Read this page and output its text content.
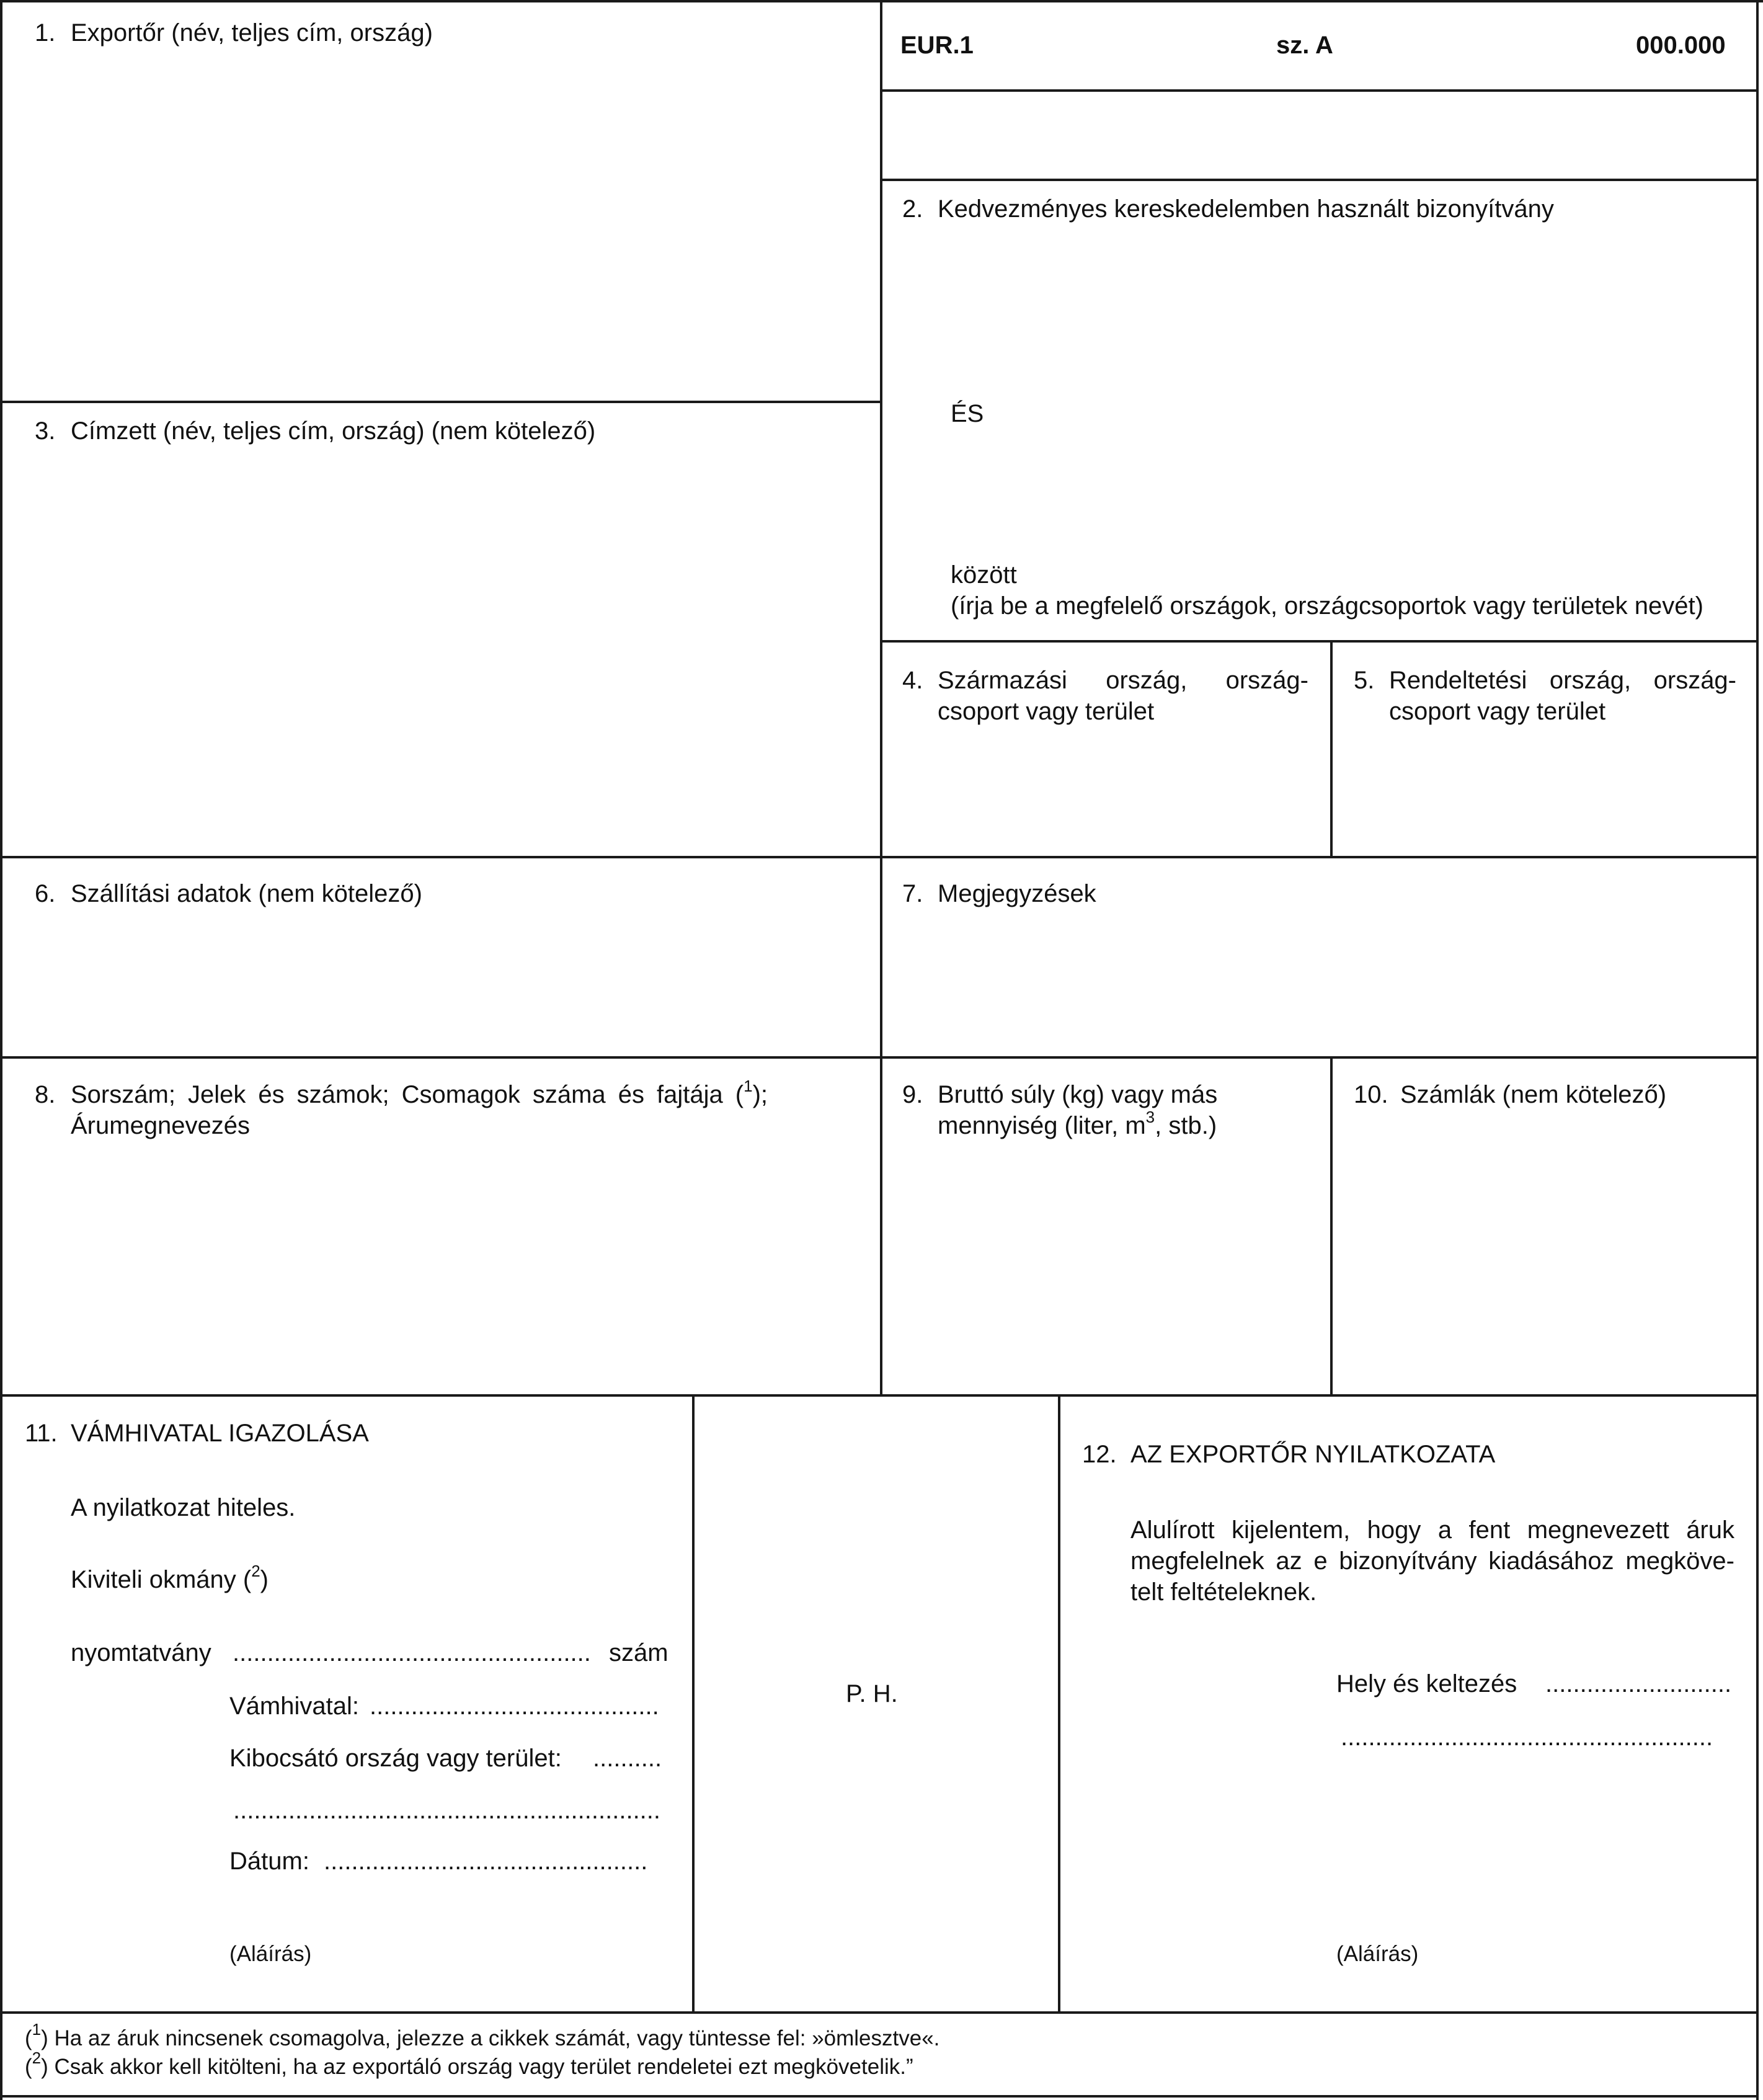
1. Exportőr (név, teljes cím, ország)	EUR.1	sz. A	000.000
2. Kedvezményes kereskedelemben használt bizonyítvány
ÉS
között
(írja be a megfelelő országok, országcsoportok vagy területek nevét)
3. Címzett (név, teljes cím, ország) (nem kötelező)
4. Származási ország, ország-
csoport vagy terület
5. Rendeltetési ország, ország-
csoport vagy terület
6. Szállítási adatok (nem kötelező)	7. Megjegyzések
8. Sorszám; Jelek és számok; Csomagok száma és fajtája ($^1$);
Árumegnevezés
9. Bruttó súly (kg) vagy más
mennyiség (liter, $m^3$, stb.)
10. Számlák (nem kötelező)
11. VÁMHIVATAL IGAZOLÁSA
A nyilatkozat hiteles.
Kiviteli okmány ($^2$)
nyomtatvány .................................................... szám
Vámhivatal: ..........................................
Kibocsátó ország vagy terület: ..........
..............................................................
Dátum: ...............................................
(Aláírás)
P. H.
12. AZ EXPORTŐR NYILATKOZATA
Alulírott kijelentem, hogy a fent megnevezett áruk
megfelelnek az e bizonyítvány kiadásához megköve-
telt feltételeknek.
Hely és keltezés ...........................
......................................................
(Aláírás)
($^1$) Ha az áruk nincsenek csomagolva, jelezze a cikkek számát, vagy tüntesse fel: »ömlesztve«.
($^2$) Csak akkor kell kitölteni, ha az exportáló ország vagy terület rendeletei ezt megkövetelik.”
